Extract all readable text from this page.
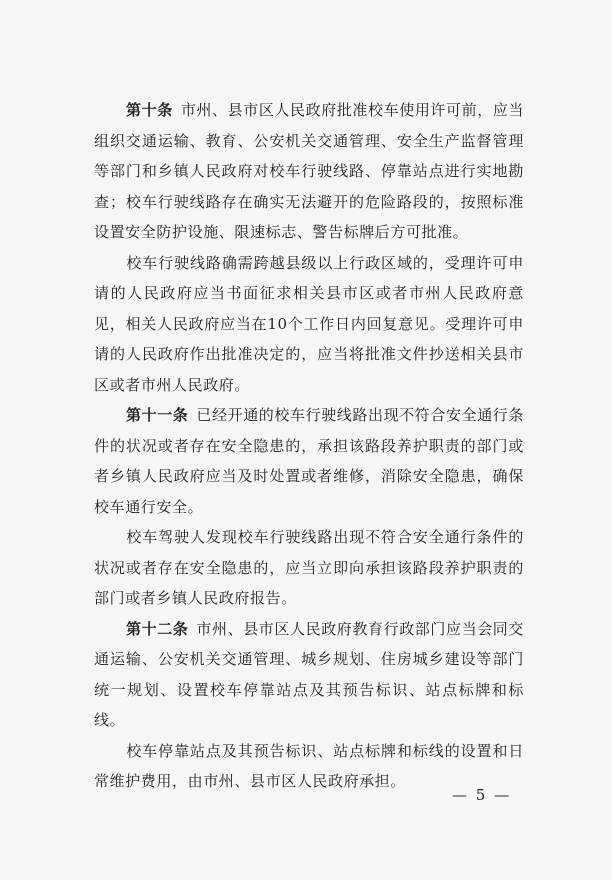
第十条 市州、县市区人民政府批准校车使用许可前，应当组织交通运输、教育、公安机关交通管理、安全生产监督管理等部门和乡镇人民政府对校车行驶线路、停靠站点进行实地勘查；校车行驶线路存在确实无法避开的危险路段的，按照标准设置安全防护设施、限速标志、警告标牌后方可批准。

校车行驶线路确需跨越县级以上行政区域的，受理许可申请的人民政府应当书面征求相关县市区或者市州人民政府意见，相关人民政府应当在10个工作日内回复意见。受理许可申请的人民政府作出批准决定的，应当将批准文件抄送相关县市区或者市州人民政府。

第十一条 已经开通的校车行驶线路出现不符合安全通行条件的状况或者存在安全隐患的，承担该路段养护职责的部门或者乡镇人民政府应当及时处置或者维修，消除安全隐患，确保校车通行安全。

校车驾驶人发现校车行驶线路出现不符合安全通行条件的状况或者存在安全隐患的，应当立即向承担该路段养护职责的部门或者乡镇人民政府报告。

第十二条 市州、县市区人民政府教育行政部门应当会同交通运输、公安机关交通管理、城乡规划、住房城乡建设等部门统一规划、设置校车停靠站点及其预告标识、站点标牌和标线。

校车停靠站点及其预告标识、站点标牌和标线的设置和日常维护费用，由市州、县市区人民政府承担。

— 5 —
